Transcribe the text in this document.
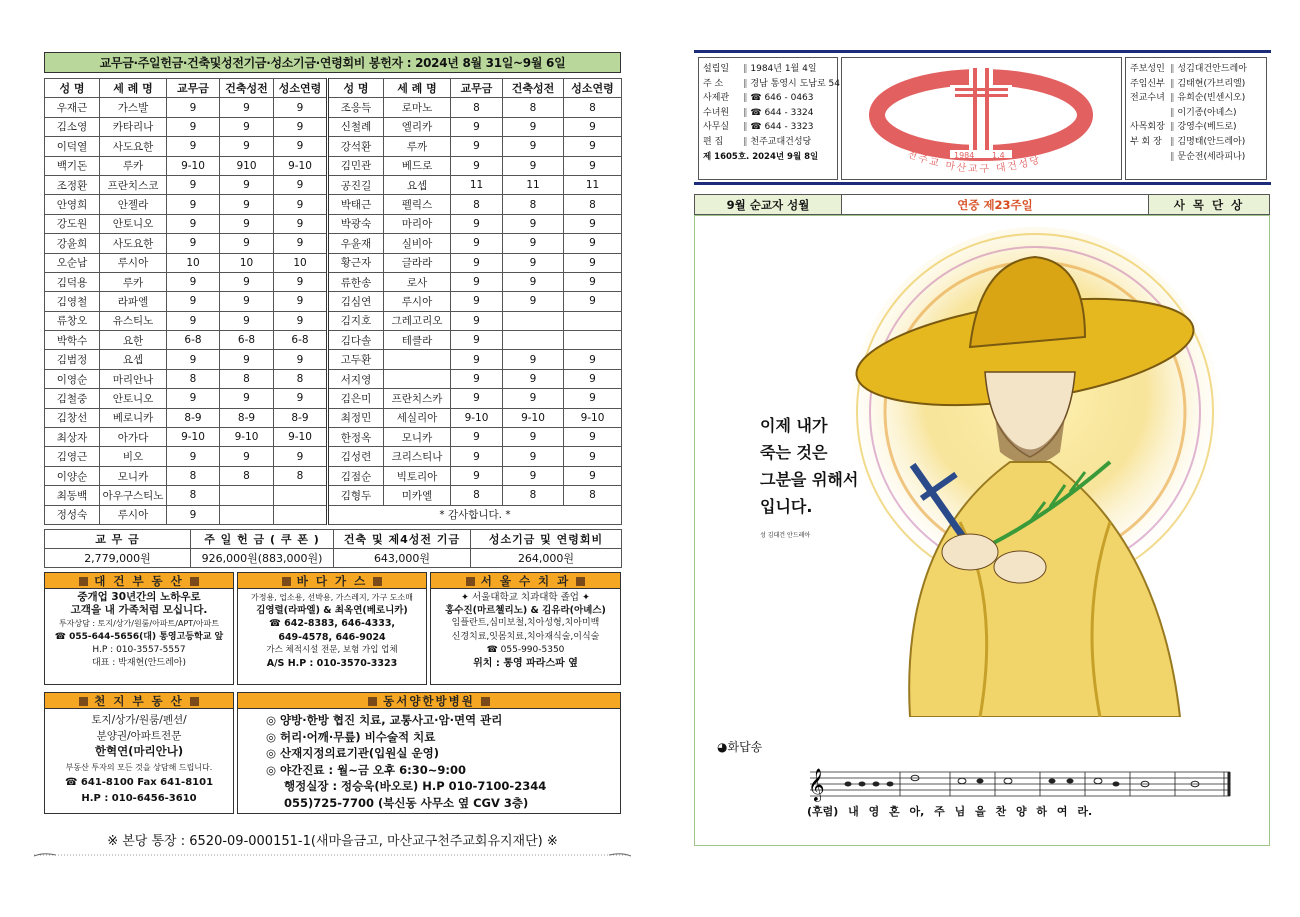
교무금·주일헌금·건축및성전기금·성소기금·연령회비 봉헌자 : 2024년 8월 31일~9월 6일
성 명	세 례 명	교무금	건축성전	성소연령	성 명	세 례 명	교무금	건축성전	성소연령
우재근	가스발	9	9	9	조응득	로마노	8	8	8
김소영	카타리나	9	9	9	신철례	엘리카	9	9	9
이덕열	사도요한	9	9	9	강석환	루까	9	9	9
백기돈	루카	9-10	910	9-10	김민관	베드로	9	9	9
조정환	프란치스코	9	9	9	공진길	요셉	11	11	11
안영희	안젤라	9	9	9	박태근	펠릭스	8	8	8
강도원	안토니오	9	9	9	박광숙	마리아	9	9	9
강윤희	사도요한	9	9	9	우윤재	실비아	9	9	9
오순남	루시아	10	10	10	황근자	글라라	9	9	9
김덕용	루카	9	9	9	류한송	로사	9	9	9
김영철	라파엘	9	9	9	김심연	루시아	9	9	9
류창오	유스티노	9	9	9	김지호	그레고리오	9		
박학수	요한	6-8	6-8	6-8	김다솔	테클라	9		
김범정	요셉	9	9	9	고두환		9	9	9
이영순	마리안나	8	8	8	서지영		9	9	9
김철중	안토니오	9	9	9	김은미	프란치스카	9	9	9
김창선	베로니카	8-9	8-9	8-9	최정민	세실리아	9-10	9-10	9-10
최상자	아가다	9-10	9-10	9-10	한정옥	모니카	9	9	9
김영근	비오	9	9	9	김성련	크리스티나	9	9	9
이양순	모니카	8	8	8	김점순	빅토리아	9	9	9
최동백	아우구스티노	8			김형두	미카엘	8	8	8
정성숙	루시아	9			* 감사합니다. *				
교 무 금	주 일 헌 금 ( 쿠 폰 )	건축 및 제4성전 기금	성소기금 및 연령회비
2,779,000원	926,000원(883,000원)	643,000원	264,000원
대 건 부 동 산
중개업 30년간의 노하우로
고객을 내 가족처럼 모십니다.
투자상담 : 토지/상가/원룸/아파트/APT/아파트
☎ 055-644-5656(대) 통영고등학교 앞
H.P : 010-3557-5557
대표 : 박재현(안드레아)
바 다 가 스
가정용, 업소용, 선박용, 가스레지, 가구 도소매
김영렬(라파엘) & 최옥연(베로니카)
☎ 642-8383, 646-4333,
649-4578, 646-9024
가스 체적시설 전문, 보험 가입 업체
A/S H.P : 010-3570-3323
서 울 수 치 과
✦ 서울대학교 치과대학 졸업 ✦
홍수진(마르첼리노) & 김유라(아녜스)
임플란트,심미보철,치아성형,치아미백
신경치료,잇몸치료,치아재식술,이식술
☎ 055-990-5350
위치 : 통영 파라스파 옆
천 지 부 동 산
토지/상가/원룸/펜션/
분양권/아파트전문
한혁연(마리안나)
부동산 투자의 모든 것을 상담해 드립니다.
☎ 641-8100 Fax 641-8101
H.P : 010-6456-3610
동서양한방병원
◎ 양방·한방 협진 치료, 교통사고·암·면역 관리
◎ 허리·어깨·무릎) 비수술적 치료
◎ 산재지정의료기관(입원실 운영)
◎ 야간진료 : 월~금 오후 6:30~9:00
행정실장 : 정승욱(바오로) H.P 010-7100-2344
055)725-7700 (북신동 사무소 옆 CGV 3층)
※ 본당 통장 : 6520-09-000151-1(새마을금고, 마산교구천주교회유지재단) ※
설립일 ‖ 1984년 1월 4일
주 소 ‖ 경남 통영시 도남로 54
사제관 ‖ ☎ 646 - 0463
수녀원 ‖ ☎ 644 - 3324
사무실 ‖ ☎ 644 - 3323
편 집 ‖ 천주교대건성당
제 1605호. 2024년 9월 8일	1984 1.4
천주교 마산교구 대건성당
주보성인 ‖ 성김대건안드레아
주임신부 ‖ 김태현(가브리엘)
전교수녀 ‖ 유희순(빈센시오)
‖ 이기종(아녜스)
사목회장 ‖ 강영수(베드로)
부 회 장 ‖ 김명태(안드레아)
‖ 문순전(세라피나)
9월 순교자 성월	연중 제23주일	사 목 단 상
이제 내가
죽는 것은
그분을 위해서
입니다.
성 김대건 안드레아
◕화답송
𝄞
(후렴) 내 영 혼 아, 주 님 을 찬 양 하 여 라.
